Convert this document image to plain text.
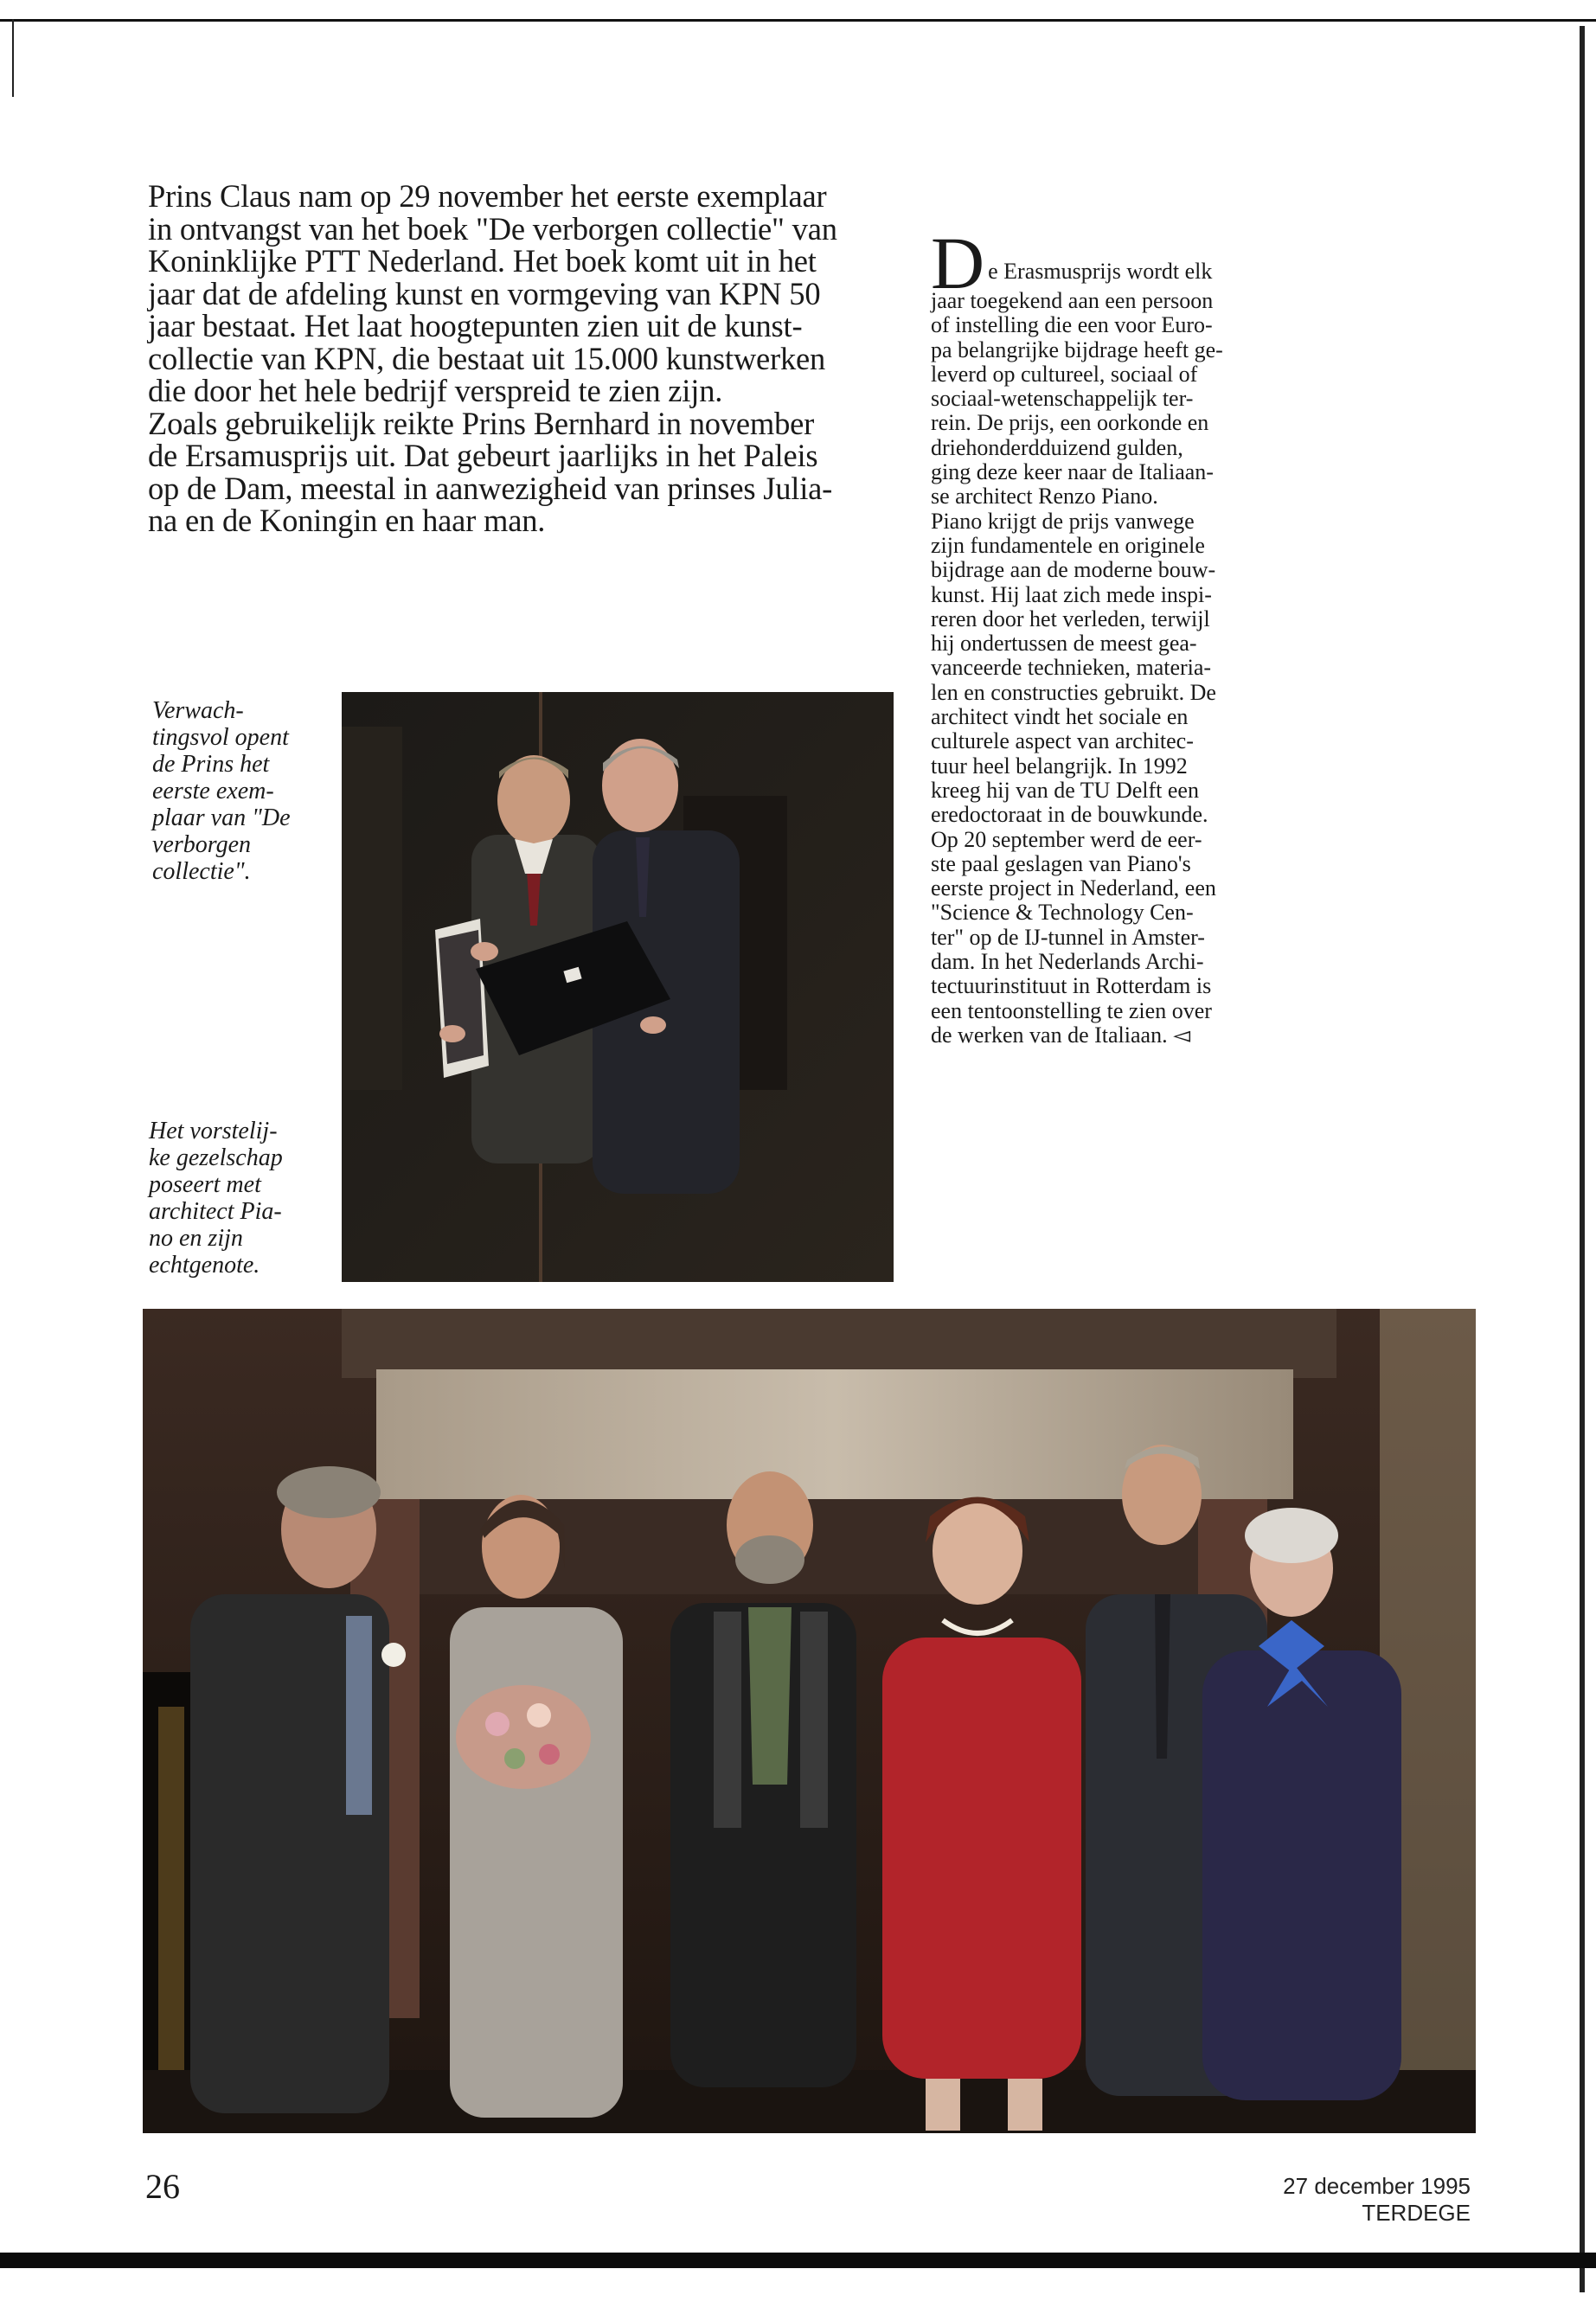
Prins Claus nam op 29 november het eerste exemplaar

in ontvangst van het boek "De verborgen collectie" van

Koninklijke PTT Nederland. Het boek komt uit in het

jaar dat de afdeling kunst en vormgeving van KPN 50

jaar bestaat. Het laat hoogtepunten zien uit de kunst-

collectie van KPN, die bestaat uit 15.000 kunstwerken

die door het hele bedrijf verspreid te zien zijn.

Zoals gebruikelijk reikte Prins Bernhard in november

de Ersamusprijs uit. Dat gebeurt jaarlijks in het Paleis

op de Dam, meestal in aanwezigheid van prinses Julia-

na en de Koningin en haar man.

D e Erasmusprijs wordt elk
jaar toegekend aan een persoon
of instelling die een voor Euro-
pa belangrijke bijdrage heeft ge-
leverd op cultureel, sociaal of
sociaal-wetenschappelijk ter-
rein. De prijs, een oorkonde en
driehonderdduizend gulden,
ging deze keer naar de Italiaan-
se architect Renzo Piano.
Piano krijgt de prijs vanwege
zijn fundamentele en originele
bijdrage aan de moderne bouw-
kunst. Hij laat zich mede inspi-
reren door het verleden, terwijl
hij ondertussen de meest gea-
vanceerde technieken, materia-
len en constructies gebruikt. De
architect vindt het sociale en
culturele aspect van architec-
tuur heel belangrijk. In 1992
kreeg hij van de TU Delft een
eredoctoraat in de bouwkunde.
Op 20 september werd de eer-
ste paal geslagen van Piano's
eerste project in Nederland, een
"Science & Technology Cen-
ter" op de IJ-tunnel in Amster-
dam. In het Nederlands Archi-
tectuurinstituut in Rotterdam is
een tentoonstelling te zien over
de werken van de Italiaan. ◅
Verwach-
tingsvol opent
de Prins het
eerste exem-
plaar van "De
verborgen
collectie".
Het vorstelij-
ke gezelschap
poseert met
architect Pia-
no en zijn
echtgenote.

26	27 december 1995 TERDEGE
